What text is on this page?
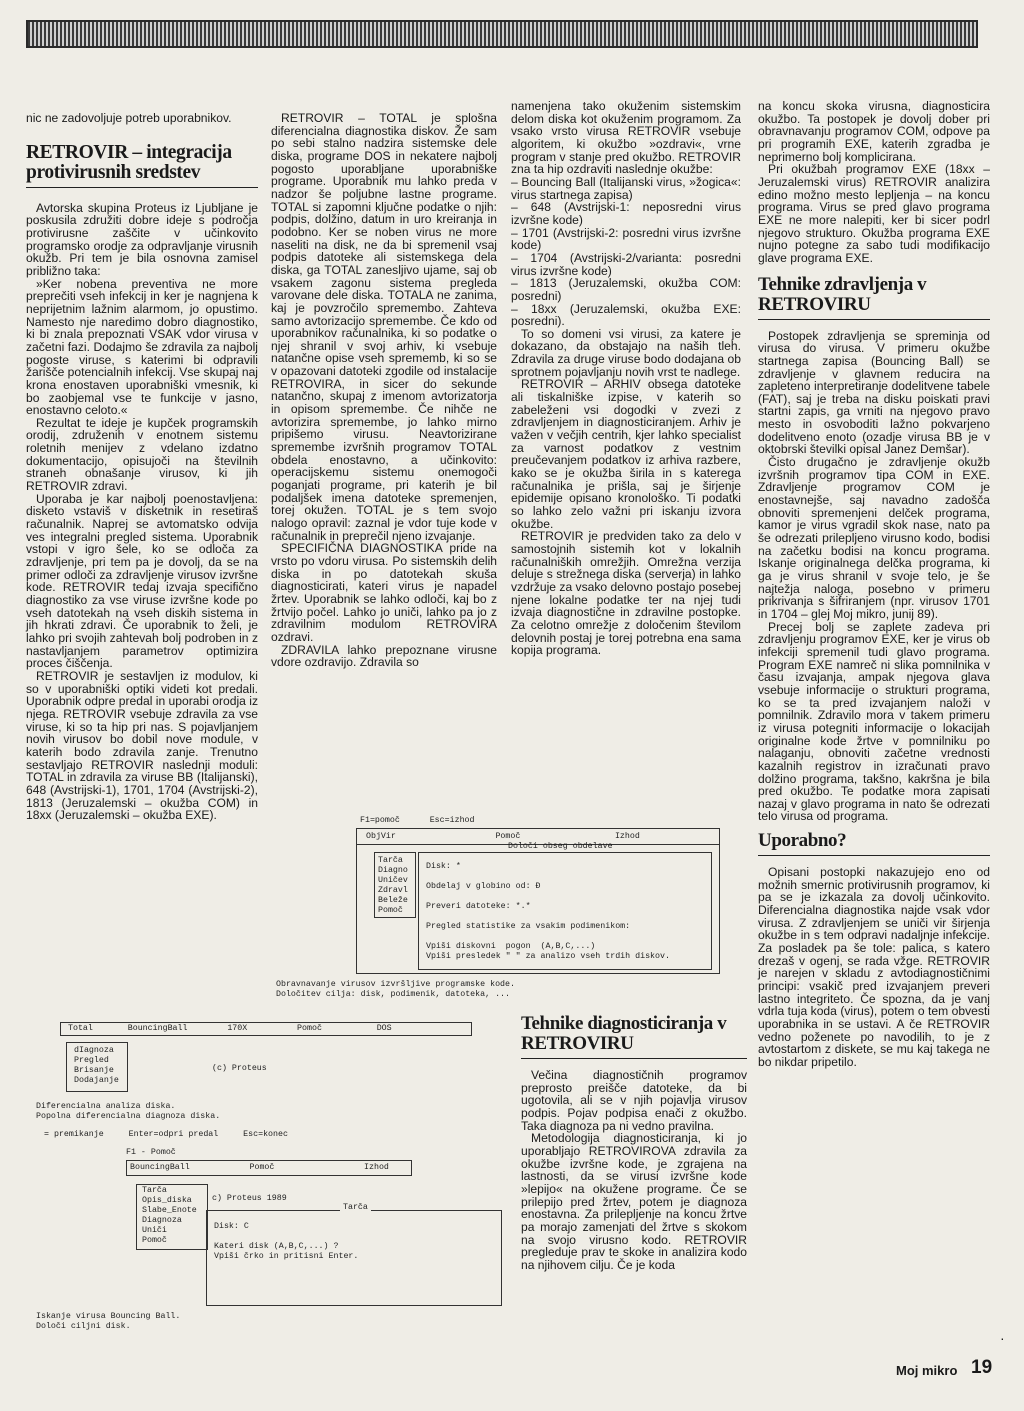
nic ne zadovoljuje potreb uporabnikov.

RETROVIR – integracija protivirusnih sredstev

Avtorska skupina Proteus iz Ljubljane je poskusila združiti dobre ideje s področja protivirusne zaščite v učinkovito programsko orodje za odpravljanje virusnih okužb. Pri tem je bila osnovna zamisel približno taka:

»Ker nobena preventiva ne more preprečiti vseh infekcij in ker je nagnjena k neprijetnim lažnim alarmom, jo opustimo. Namesto nje naredimo dobro diagnostiko, ki bi znala prepoznati VSAK vdor virusa v začetni fazi. Dodajmo še zdravila za najbolj pogoste viruse, s katerimi bi odpravili žarišče potencialnih infekcij. Vse skupaj naj krona enostaven uporabniški vmesnik, ki bo zaobjemal vse te funkcije v jasno, enostavno celoto.«

Rezultat te ideje je kupček programskih orodij, združenih v enotnem sistemu roletnih menijev z vdelano izdatno dokumentacijo, opisujoči na številnih straneh obnašanje virusov, ki jih RETROVIR zdravi.

Uporaba je kar najbolj poenostavljena: disketo vstaviš v disketnik in resetiraš računalnik. Naprej se avtomatsko odvija ves integralni pregled sistema. Uporabnik vstopi v igro šele, ko se odloča za zdravljenje, pri tem pa je dovolj, da se na primer odloči za zdravljenje virusov izvršne kode. RETROVIR tedaj izvaja specifično diagnostiko za vse viruse izvršne kode po vseh datotekah na vseh diskih sistema in jih hkrati zdravi. Če uporabnik to želi, je lahko pri svojih zahtevah bolj podroben in z nastavljanjem parametrov optimizira proces čiščenja.

RETROVIR je sestavljen iz modulov, ki so v uporabniški optiki videti kot predali. Uporabnik odpre predal in uporabi orodja iz njega. RETROVIR vsebuje zdravila za vse viruse, ki so ta hip pri nas. S pojavljanjem novih virusov bo dobil nove module, v katerih bodo zdravila zanje. Trenutno sestavljajo RETROVIR naslednji moduli: TOTAL in zdravila za viruse BB (Italijanski), 648 (Avstrijski-1), 1701, 1704 (Avstrijski-2), 1813 (Jeruzalemski – okužba COM) in 18xx (Jeruzalemski – okužba EXE).

RETROVIR – TOTAL je splošna diferencialna diagnostika diskov. Že sam po sebi stalno nadzira sistemske dele diska, programe DOS in nekatere najbolj pogosto uporabljane uporabniške programe. Uporabnik mu lahko preda v nadzor še poljubne lastne programe. TOTAL si zapomni ključne podatke o njih: podpis, dolžino, datum in uro kreiranja in podobno. Ker se noben virus ne more naseliti na disk, ne da bi spremenil vsaj podpis datoteke ali sistemskega dela diska, ga TOTAL zanesljivo ujame, saj ob vsakem zagonu sistema pregleda varovane dele diska. TOTALA ne zanima, kaj je povzročilo spremembo. Zahteva samo avtorizacijo spremembe. Če kdo od uporabnikov računalnika, ki so podatke o njej shranil v svoj arhiv, ki vsebuje natančne opise vseh sprememb, ki so se v opazovani datoteki zgodile od instalacije RETROVIRA, in sicer do sekunde natančno, skupaj z imenom avtorizatorja in opisom spremembe. Če nihče ne avtorizira spremembe, jo lahko mirno pripišemo virusu. Neavtorizirane spremembe izvršnih programov TOTAL obdela enostavno, a učinkovito: operacijskemu sistemu onemogoči poganjati programe, pri katerih je bil podaljšek imena datoteke spremenjen, torej okužen. TOTAL je s tem svojo nalogo opravil: zaznal je vdor tuje kode v računalnik in preprečil njeno izvajanje.

SPECIFIČNA DIAGNOSTIKA pride na vrsto po vdoru virusa. Po sistemskih delih diska in po datotekah skuša diagnosticirati, kateri virus je napadel žrtev. Uporabnik se lahko odloči, kaj bo z žrtvijo počel. Lahko jo uniči, lahko pa jo z zdravilnim modulom RETROVIRA ozdravi.

ZDRAVILA lahko prepoznane virusne vdore ozdravijo. Zdravila so

namenjena tako okuženim sistemskim delom diska kot okuženim programom. Za vsako vrsto virusa RETROVIR vsebuje algoritem, ki okužbo »ozdravi«, vrne program v stanje pred okužbo. RETROVIR zna ta hip ozdraviti naslednje okužbe:

– Bouncing Ball (Italijanski virus, »žogica«: virus startnega zapisa)

– 648 (Avstrijski-1: neposredni virus izvršne kode)

– 1701 (Avstrijski-2: posredni virus izvršne kode)

– 1704 (Avstrijski-2/varianta: posredni virus izvršne kode)

– 1813 (Jeruzalemski, okužba COM: posredni)

– 18xx (Jeruzalemski, okužba EXE: posredni).

To so domeni vsi virusi, za katere je dokazano, da obstajajo na naših tleh. Zdravila za druge viruse bodo dodajana ob sprotnem pojavljanju novih vrst te nadlege.

RETROVIR – ARHIV obsega datoteke ali tiskalniške izpise, v katerih so zabeleženi vsi dogodki v zvezi z zdravljenjem in diagnosticiranjem. Arhiv je važen v večjih centrih, kjer lahko specialist za varnost podatkov z vestnim preučevanjem podatkov iz arhiva razbere, kako se je okužba širila in s katerega računalnika je prišla, saj je širjenje epidemije opisano kronološko. Ti podatki so lahko zelo važni pri iskanju izvora okužbe.

RETROVIR je predviden tako za delo v samostojnih sistemih kot v lokalnih računalniških omrežjih. Omrežna verzija deluje s strežnega diska (serverja) in lahko vzdržuje za vsako delovno postajo posebej njene lokalne podatke ter na njej tudi izvaja diagnostične in zdravilne postopke. Za celotno omrežje z določenim številom delovnih postaj je torej potrebna ena sama kopija programa.

Tehnike diagnosticiranja v RETROVIRU

Večina diagnostičnih programov preprosto preišče datoteke, da bi ugotovila, ali se v njih pojavlja virusov podpis. Pojav podpisa enači z okužbo. Taka diagnoza pa ni vedno pravilna.

Metodologija diagnosticiranja, ki jo uporabljajo RETROVIROVA zdravila za okužbe izvršne kode, je zgrajena na lastnosti, da se virusi izvršne kode »lepijo« na okužene programe. Če se prilepijo pred žrtev, potem je diagnoza enostavna. Za prilepljenje na koncu žrtve pa morajo zamenjati del žrtve s skokom na svojo virusno kodo. RETROVIR pregleduje prav te skoke in analizira kodo na njihovem cilju. Če je koda

na koncu skoka virusna, diagnosticira okužbo. Ta postopek je dovolj dober pri obravnavanju programov COM, odpove pa pri programih EXE, katerih zgradba je neprimerno bolj komplicirana.

Pri okužbah programov EXE (18xx – Jeruzalemski virus) RETROVIR analizira edino možno mesto lepljenja – na koncu programa. Virus se pred glavo programa EXE ne more nalepiti, ker bi sicer podrl njegovo strukturo. Okužba programa EXE nujno potegne za sabo tudi modifikacijo glave programa EXE.

Tehnike zdravljenja v RETROVIRU

Postopek zdravljenja se spreminja od virusa do virusa. V primeru okužbe startnega zapisa (Bouncing Ball) se zdravljenje v glavnem reducira na zapleteno interpretiranje dodelitvene tabele (FAT), saj je treba na disku poiskati pravi startni zapis, ga vrniti na njegovo pravo mesto in osvoboditi lažno pokvarjeno dodelitveno enoto (ozadje virusa BB je v oktobrski številki opisal Janez Demšar).

Čisto drugačno je zdravljenje okužb izvršnih programov tipa COM in EXE. Zdravljenje programov COM je enostavnejše, saj navadno zadošča obnoviti spremenjeni delček programa, kamor je virus vgradil skok nase, nato pa še odrezati prilepljeno virusno kodo, bodisi na začetku bodisi na koncu programa. Iskanje originalnega delčka programa, ki ga je virus shranil v svoje telo, je še najtežja naloga, posebno v primeru prikrivanja s šifriranjem (npr. virusov 1701 in 1704 – glej Moj mikro, junij 89).

Precej bolj se zaplete zadeva pri zdravljenju programov EXE, ker je virus ob infekciji spremenil tudi glavo programa. Program EXE namreč ni slika pomnilnika v času izvajanja, ampak njegova glava vsebuje informacije o strukturi programa, ko se ta pred izvajanjem naloži v pomnilnik. Zdravilo mora v takem primeru iz virusa potegniti informacije o lokacijah originalne kode žrtve v pomnilniku po nalaganju, obnoviti začetne vrednosti kazalnih registrov in izračunati pravo dolžino programa, takšno, kakršna je bila pred okužbo. Te podatke mora zapisati nazaj v glavo programa in nato še odrezati telo virusa od programa.

Uporabno?

Opisani postopki nakazujejo eno od možnih smernic protivirusnih programov, ki pa se je izkazala za dovolj učinkovito. Diferencialna diagnostika najde vsak vdor virusa. Z zdravljenjem se uniči vir širjenja okužbe in s tem odpravi nadaljnje infekcije. Za posladek pa še tole: palica, s katero drezaš v ogenj, se rada vžge. RETROVIR je narejen v skladu z avtodiagnostičnimi principi: vsakič pred izvajanjem preveri lastno integriteto. Če spozna, da je vanj vdrla tuja koda (virus), potem o tem obvesti uporabnika in se ustavi. A če RETROVIR vedno poženete po navodilih, to je z avtostartom z diskete, se mu kaj takega ne bo nikdar pripetilo.

F1=pomoč      Esc=izhod
ObjVir                    Pomoč                   Izhod
Določi obseg obdelave
Tarča
Diagno
Uničev
Zdravl
Beleže
Pomoč
Disk: *

Obdelaj v globino od: Ð

Preveri datoteke: *.*

Pregled statistike za vsakim podimenikom:

Vpiši diskovni  pogon  (A,B,C,...)
Vpiši presledek " " za analizo vseh trdih diskov.
Obravnavanje virusov izvršljive programske kode.
Določitev cilja: disk, podimenik, datoteka, ...
Total       BouncingBall        170X          Pomoč           DOS
dIagnoza
Pregled
Brisanje
Dodajanje
(c) Proteus
Diferencialna analiza diska.
Popolna diferencialna diagnoza diska.
= premikanje     Enter=odpri predal     Esc=konec
F1 - Pomoč
BouncingBall            Pomoč                  Izhod
Tarča
Opis_diska
Slabe_Enote
Diagnoza
Uniči
Pomoč
c) Proteus 1989
Tarča
Disk: C

Kateri disk (A,B,C,...) ?
Vpiši črko in pritisni Enter.
Iskanje virusa Bouncing Ball.
Določi ciljni disk.
·
Moj mikro 19
